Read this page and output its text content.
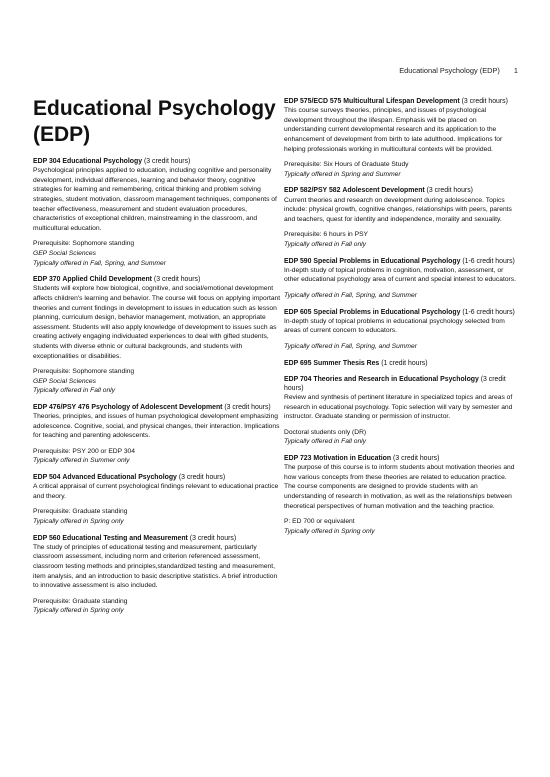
Educational Psychology (EDP) 1
Educational Psychology (EDP)
EDP 304 Educational Psychology (3 credit hours)

Psychological principles applied to education, including cognitive and personality development, individual differences, learning and behavior theory, cognitive strategies for learning and remembering, critical thinking and problem solving strategies, student motivation, classroom management techniques, components of teacher effectiveness, measurement and student evaluation procedures, characteristics of exceptional children, mainstreaming in the classroom, and multicultural education.

Prerequisite: Sophomore standing
GEP Social Sciences
Typically offered in Fall, Spring, and Summer
EDP 370 Applied Child Development (3 credit hours)

Students will explore how biological, cognitive, and social/emotional development affects children's learning and behavior. The course will focus on applying important theories and current findings in development to issues in education such as lesson planning, curriculum design, behavior management, motivation, an appropriate assessment. Students will also apply knowledge of development to issues such as creating actively engaging individuated experiences to deal with gifted students, students with diverse ethnic or cultural backgrounds, and students with exceptionalities or disabilities.

Prerequisite: Sophomore standing
GEP Social Sciences
Typically offered in Fall only
EDP 476/PSY 476 Psychology of Adolescent Development (3 credit hours)

Theories, principles, and issues of human psychological development emphasizing adolescence. Cognitive, social, and physical changes, their interaction. Implications for teaching and parenting adolescents.

Prerequisite: PSY 200 or EDP 304
Typically offered in Summer only
EDP 504 Advanced Educational Psychology (3 credit hours)

A critical appraisal of current psychological findings relevant to educational practice and theory.

Prerequisite: Graduate standing
Typically offered in Spring only
EDP 560 Educational Testing and Measurement (3 credit hours)

The study of principles of educational testing and measurement, particularly classroom assessment, including norm and criterion referenced assessment, classroom testing methods and principles,standardized testing and measurement, item analysis, and an introduction to basic descriptive statistics. A brief introduction to innovative assessment is also included.

Prerequisite: Graduate standing
Typically offered in Spring only
EDP 575/ECD 575 Multicultural Lifespan Development (3 credit hours)

This course surveys theories, principles, and issues of psychological development throughout the lifespan. Emphasis will be placed on understanding current developmental research and its application to the enhancement of development from birth to late adulthood. Implications for helping professionals working in multicultural contexts will be provided.

Prerequisite: Six Hours of Graduate Study
Typically offered in Spring and Summer
EDP 582/PSY 582 Adolescent Development (3 credit hours)

Current theories and research on development during adolescence. Topics include: physical growth, cognitive changes, relationships with peers, parents and teachers, quest for identity and independence, morality and sexuality.

Prerequisite: 6 hours in PSY
Typically offered in Fall only
EDP 590 Special Problems in Educational Psychology (1-6 credit hours)

In-depth study of topical problems in cognition, motivation, assessment, or other educational psychology area of current and special interest to educators.

Typically offered in Fall, Spring, and Summer
EDP 605 Special Problems in Educational Psychology (1-6 credit hours)

In-depth study of topical problems in educational psychology selected from areas of current concern to educators.

Typically offered in Fall, Spring, and Summer
EDP 695 Summer Thesis Res (1 credit hours)
EDP 704 Theories and Research in Educational Psychology (3 credit hours)

Review and synthesis of pertinent literature in specialized topics and areas of research in educational psychology. Topic selection will vary by semester and instructor. Graduate standing or permission of instructor.

Doctoral students only (DR)
Typically offered in Fall only
EDP 723 Motivation in Education (3 credit hours)

The purpose of this course is to inform students about motivation theories and how various concepts from these theories are related to education practice. The course components are designed to provide students with an understanding of research in motivation, as well as the relationships between theoretical perspectives of human motivation and the teaching practice.

P: ED 700 or equivalent
Typically offered in Spring only
